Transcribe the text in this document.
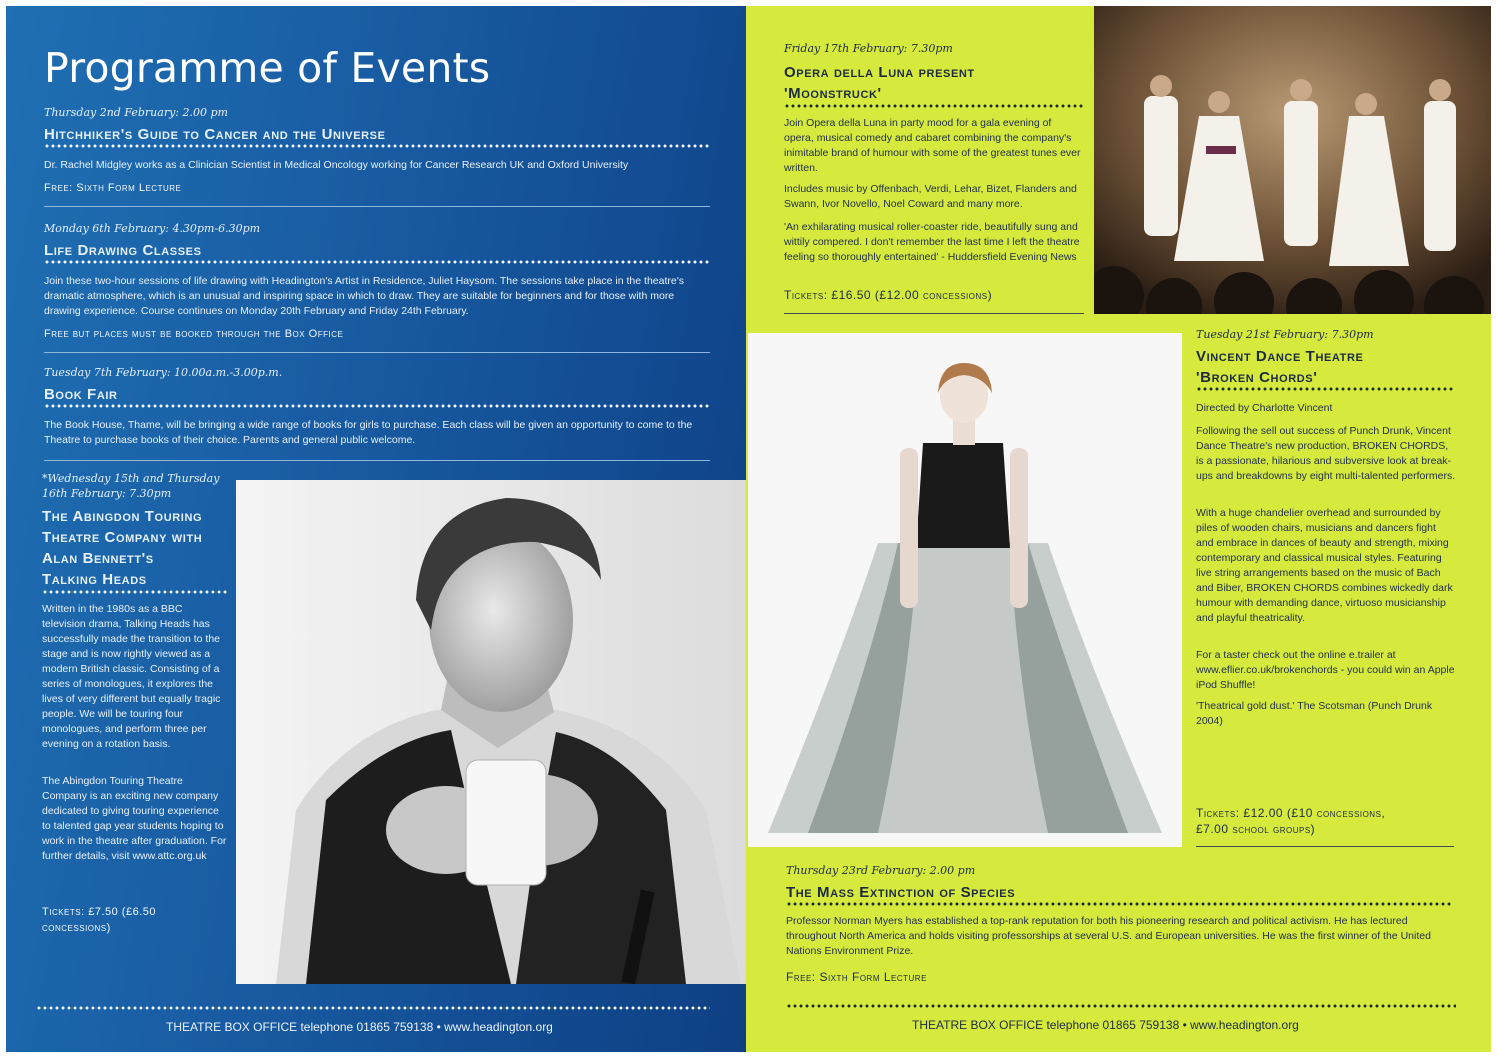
Programme of Events
Thursday 2nd February: 2.00 pm
Hitchhiker's Guide to Cancer and the Universe
Dr. Rachel Midgley works as a Clinician Scientist in Medical Oncology working for Cancer Research UK and Oxford University
Free: Sixth Form Lecture
Monday 6th February: 4.30pm-6.30pm
Life Drawing Classes
Join these two-hour sessions of life drawing with Headington's Artist in Residence, Juliet Haysom. The sessions take place in the theatre's dramatic atmosphere, which is an unusual and inspiring space in which to draw. They are suitable for beginners and for those with more drawing experience. Course continues on Monday 20th February and Friday 24th February.
Free but places must be booked through the Box Office
Tuesday 7th February: 10.00a.m.-3.00p.m.
Book Fair
The Book House, Thame, will be bringing a wide range of books for girls to purchase. Each class will be given an opportunity to come to the Theatre to purchase books of their choice. Parents and general public welcome.
*Wednesday 15th and Thursday
16th February: 7.30pm
The Abingdon Touring
Theatre Company with
Alan Bennett's
Talking Heads
Written in the 1980s as a BBC television drama, Talking Heads has successfully made the transition to the stage and is now rightly viewed as a modern British classic. Consisting of a series of monologues, it explores the lives of very different but equally tragic people. We will be touring four monologues, and perform three per evening on a rotation basis.
The Abingdon Touring Theatre Company is an exciting new company dedicated to giving touring experience to talented gap year students hoping to work in the theatre after graduation. For further details, visit www.attc.org.uk
Tickets: £7.50 (£6.50 concessions)
THEATRE BOX OFFICE telephone 01865 759138 • www.headington.org
Friday 17th February: 7.30pm
Opera della Luna present
'Moonstruck'
Join Opera della Luna in party mood for a gala evening of opera, musical comedy and cabaret combining the company's inimitable brand of humour with some of the greatest tunes ever written.
Includes music by Offenbach, Verdi, Lehar, Bizet, Flanders and Swann, Ivor Novello, Noel Coward and many more.
'An exhilarating musical roller-coaster ride, beautifully sung and wittily compered. I don't remember the last time I left the theatre feeling so thoroughly entertained' - Huddersfield Evening News
Tickets: £16.50 (£12.00 concessions)
Tuesday 21st February: 7.30pm
Vincent Dance Theatre
'Broken Chords'
Directed by Charlotte Vincent
Following the sell out success of Punch Drunk, Vincent Dance Theatre's new production, BROKEN CHORDS, is a passionate, hilarious and subversive look at break-ups and breakdowns by eight multi-talented performers.
With a huge chandelier overhead and surrounded by piles of wooden chairs, musicians and dancers fight and embrace in dances of beauty and strength, mixing contemporary and classical musical styles. Featuring live string arrangements based on the music of Bach and Biber, BROKEN CHORDS combines wickedly dark humour with demanding dance, virtuoso musicianship and playful theatricality.
For a taster check out the online e.trailer at www.eflier.co.uk/brokenchords - you could win an Apple iPod Shuffle!
'Theatrical gold dust.' The Scotsman (Punch Drunk 2004)
Tickets: £12.00 (£10 concessions,
£7.00 school groups)
Thursday 23rd February: 2.00 pm
The Mass Extinction of Species
Professor Norman Myers has established a top-rank reputation for both his pioneering research and political activism. He has lectured throughout North America and holds visiting professorships at several U.S. and European universities. He was the first winner of the United Nations Environment Prize.
Free: Sixth Form Lecture
THEATRE BOX OFFICE telephone 01865 759138 • www.headington.org
